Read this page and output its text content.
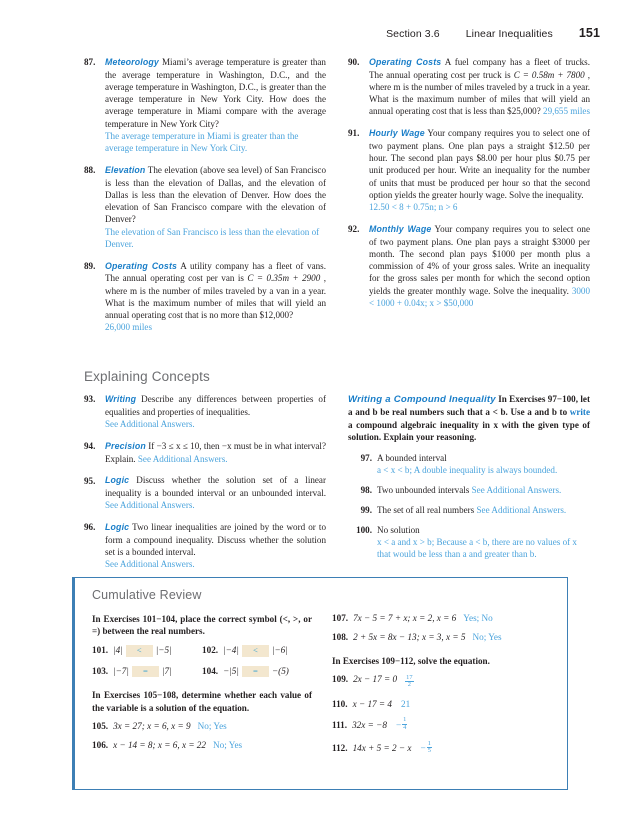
Section 3.6 Linear Inequalities 151
87.	Meteorology Miami’s average temperature is greater than the average temperature in Washington, D.C., and the average temperature in Washington, D.C., is greater than the average temperature in New York City. How does the average temperature in Miami compare with the average temperature in New York City?
The average temperature in Miami is greater than the average temperature in New York City.
88.	Elevation The elevation (above sea level) of San Francisco is less than the elevation of Dallas, and the elevation of Dallas is less than the elevation of Denver. How does the elevation of San Francisco compare with the elevation of Denver?
The elevation of San Francisco is less than the elevation of Denver.
89.	Operating Costs A utility company has a fleet of vans. The annual operating cost per van is C = 0.35m + 2900 , where m is the number of miles traveled by a van in a year. What is the maximum number of miles that will yield an annual operating cost that is no more than $12,000?
26,000 miles
90.	Operating Costs A fuel company has a fleet of trucks. The annual operating cost per truck is C = 0.58m + 7800 , where m is the number of miles traveled by a truck in a year. What is the maximum number of miles that will yield an annual operating cost that is less than $25,000? 29,655 miles
91.	Hourly Wage Your company requires you to select one of two payment plans. One plan pays a straight $12.50 per hour. The second plan pays $8.00 per hour plus $0.75 per unit produced per hour. Write an inequality for the number of units that must be produced per hour so that the second option yields the greater hourly wage. Solve the inequality.
12.50 < 8 + 0.75n; n > 6
92.	Monthly Wage Your company requires you to select one of two payment plans. One plan pays a straight $3000 per month. The second plan pays $1000 per month plus a commission of 4% of your gross sales. Write an inequality for the gross sales per month for which the second option yields the greater monthly wage. Solve the inequality. 3000 < 1000 + 0.04x; x > $50,000
Explaining Concepts
93.	Writing Describe any differences between properties of equalities and properties of inequalities.
See Additional Answers.
94.	Precision If −3 ≤ x ≤ 10, then −x must be in what interval? Explain. See Additional Answers.
95.	Logic Discuss whether the solution set of a linear inequality is a bounded interval or an unbounded interval. See Additional Answers.
96.	Logic Two linear inequalities are joined by the word or to form a compound inequality. Discuss whether the solution set is a bounded interval.
See Additional Answers.
Writing a Compound Inequality In Exercises 97−100, let a and b be real numbers such that a < b. Use a and b to write a compound algebraic inequality in x with the given type of solution. Explain your reasoning.
97. A bounded interval
a < x < b; A double inequality is always bounded.
98. Two unbounded intervals See Additional Answers.
99. The set of all real numbers See Additional Answers.
100. No solution
x < a and x > b; Because a < b, there are no values of x that would be less than a and greater than b.
Cumulative Review
In Exercises 101−104, place the correct symbol (<, >, or =) between the real numbers.
101. |4|	<	|−5|	102. |−4|	<	|−6|
103. |−7|	=	|7|	104. −|5|	=	−(5)
In Exercises 105−108, determine whether each value of the variable is a solution of the equation.
105. 3x = 27; x = 6, x = 9 No; Yes
106. x − 14 = 8; x = 6, x = 22 No; Yes
107. 7x − 5 = 7 + x; x = 2, x = 6 Yes; No
108. 2 + 5x = 8x − 13; x = 3, x = 5 No; Yes
In Exercises 109−112, solve the equation.
109. $2x - 17 = 0 \frac{17}{2}$
110. x − 17 = 4 21
111. $32x = -8 - \frac{1}{4}$
112. $14x + 5 = 2 - x - \frac{1}{5}$
